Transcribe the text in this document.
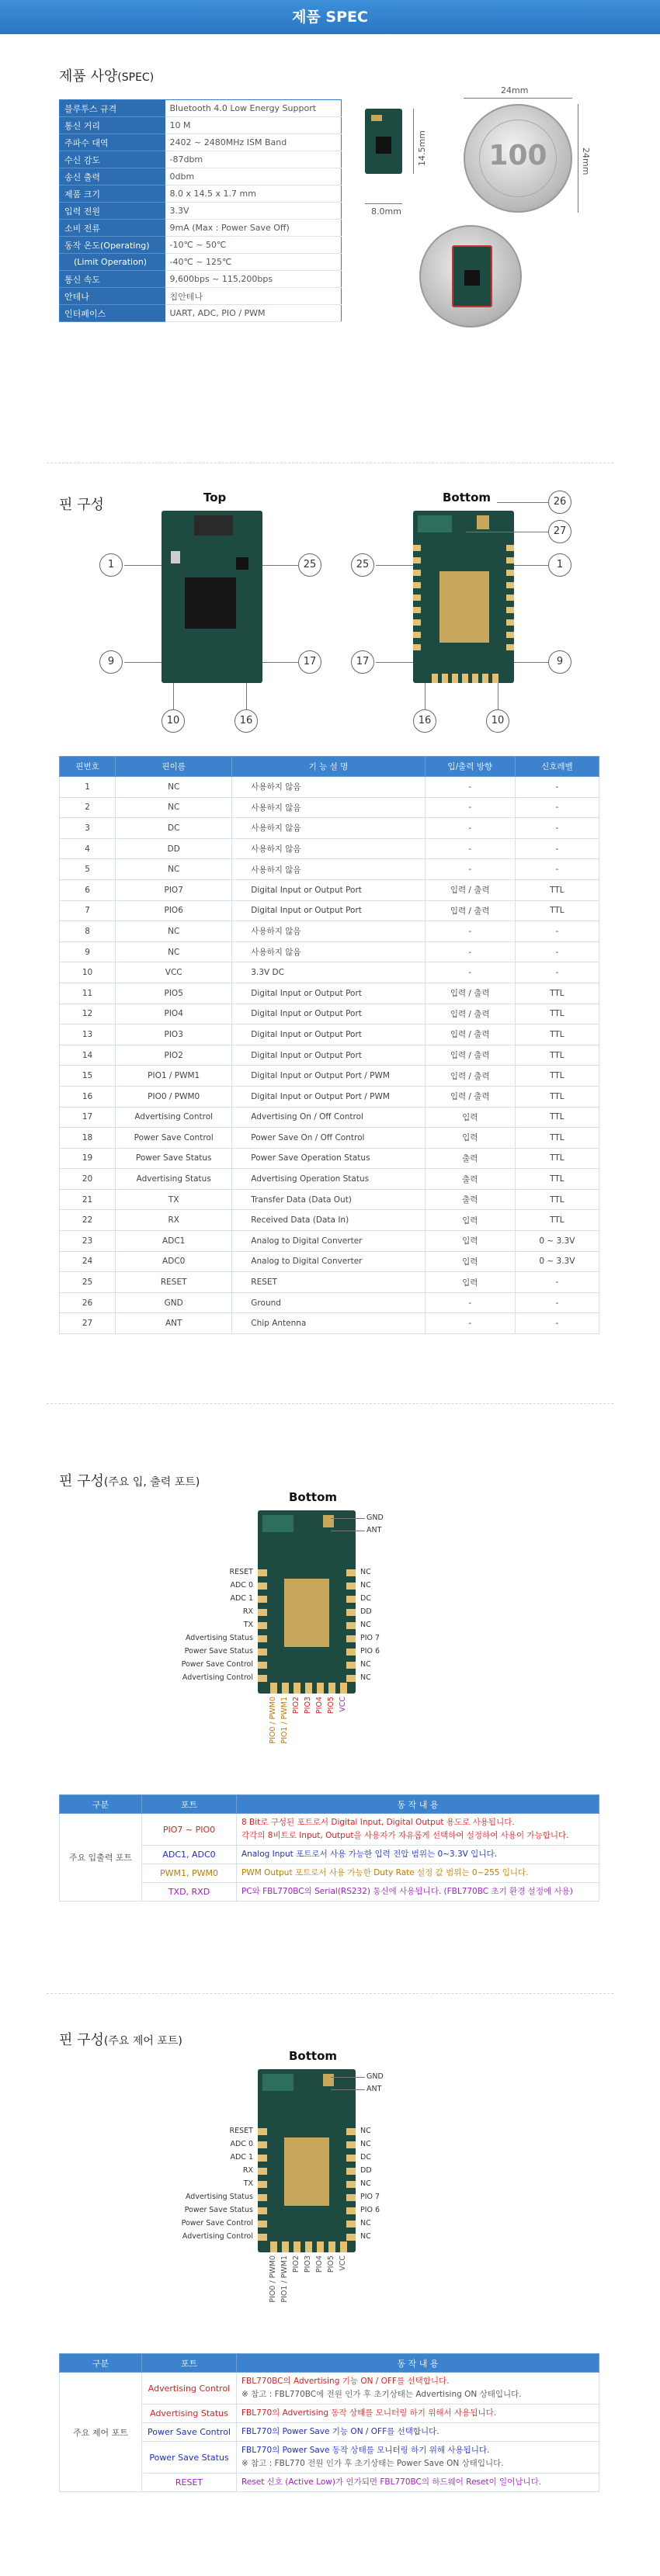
제품 SPEC
제품 사양(SPEC)
블루투스 규격	Bluetooth 4.0 Low Energy Support
통신 거리	10 M
주파수 대역	2402 ~ 2480MHz ISM Band
수신 감도	-87dbm
송신 출력	0dbm
제품 크기	8.0 x 14.5 x 1.7 mm
입력 전원	3.3V
소비 전류	9mA (Max : Power Save Off)
동작 온도(Operating)	-10℃ ~ 50℃
(Limit Operation)	-40℃ ~ 125℃
통신 속도	9,600bps ~ 115,200bps
안테나	칩안테나
인터페이스	UART, ADC, PIO / PWM
14.5mm
8.0mm
100
24mm
24mm
핀 구성	Top	Bottom
1
9
10	16
17
25	25
17
16	10
9
1
26
27
핀번호	핀이름	기 능 설 명	입/출력 방향	신호레벨
1	NC	사용하지 않음	-	-
2	NC	사용하지 않음	-	-
3	DC	사용하지 않음	-	-
4	DD	사용하지 않음	-	-
5	NC	사용하지 않음	-	-
6	PIO7	Digital Input or Output Port	입력 / 출력	TTL
7	PIO6	Digital Input or Output Port	입력 / 출력	TTL
8	NC	사용하지 않음	-	-
9	NC	사용하지 않음	-	-
10	VCC	3.3V DC	-	-
11	PIO5	Digital Input or Output Port	입력 / 출력	TTL
12	PIO4	Digital Input or Output Port	입력 / 출력	TTL
13	PIO3	Digital Input or Output Port	입력 / 출력	TTL
14	PIO2	Digital Input or Output Port	입력 / 출력	TTL
15	PIO1 / PWM1	Digital Input or Output Port / PWM	입력 / 출력	TTL
16	PIO0 / PWM0	Digital Input or Output Port / PWM	입력 / 출력	TTL
17	Advertising Control	Advertising On / Off Control	입력	TTL
18	Power Save Control	Power Save On / Off Control	입력	TTL
19	Power Save Status	Power Save Operation Status	출력	TTL
20	Advertising Status	Advertising Operation Status	출력	TTL
21	TX	Transfer Data (Data Out)	출력	TTL
22	RX	Received Data (Data In)	입력	TTL
23	ADC1	Analog to Digital Converter	입력	0 ~ 3.3V
24	ADC0	Analog to Digital Converter	입력	0 ~ 3.3V
25	RESET	RESET	입력	-
26	GND	Ground	-	-
27	ANT	Chip Antenna	-	-
핀 구성(주요 입, 출력 포트)
Bottom
구분	포트	동 작 내 용
주요 입출력 포트	PIO7 ~ PIO0	8 Bit로 구성된 포트로서 Digital Input, Digital Output 용도로 사용됩니다.
각각의 8비트로 Input, Output을 사용자가 자유롭게 선택하여 설정하여 사용이 가능합니다.

	ADC1, ADC0	Analog Input 포트로서 사용 가능한 입력 전압 범위는 0~3.3V 입니다.

	PWM1, PWM0	PWM Output 포트로서 사용 가능한 Duty Rate 설정 값 범위는 0~255 입니다.

	TXD, RXD	PC와 FBL770BC의 Serial(RS232) 통신에 사용됩니다. (FBL770BC 초기 환경 설정에 사용)
핀 구성(주요 제어 포트)
Bottom
구분	포트	동 작 내 용
주요 제어 포트	Advertising Control	FBL770BC의 Advertising 기능 ON / OFF를 선택합니다.
※ 참고 : FBL770BC에 전원 인가 후 초기상태는 Advertising ON 상태입니다.

	Advertising Status	FBL770의 Advertising 동작 상태를 모니터링 하기 위해서 사용됩니다.

	Power Save Control	FBL770의 Power Save 기능 ON / OFF를 선택합니다.

	Power Save Status	FBL770의 Power Save 동작 상태를 모니터링 하기 위해 사용됩니다.
※ 참고 : FBL770 전원 인가 후 초기상태는 Power Save ON 상태입니다.

	RESET	Reset 신호 (Active Low)가 인가되면 FBL770BC의 하드웨어 Reset이 일어납니다.
GND
ANT
RESET
ADC 0
ADC 1
RX
TX
Advertising Status
Power Save Status
Power Save Control
Advertising Control
NC
NC
DC
DD
NC
PIO 7
PIO 6
NC
NC
PIO0 / PWM0 PIO1 / PWM1 PIO2 PIO3 PIO4 PIO5 VCC
GND
ANT
RESET
ADC 0
ADC 1
RX
TX
Advertising Status
Power Save Status
Power Save Control
Advertising Control
NC
NC
DC
DD
NC
PIO 7
PIO 6
NC
NC
PIO0 / PWM0 PIO1 / PWM1 PIO2 PIO3 PIO4 PIO5 VCC
